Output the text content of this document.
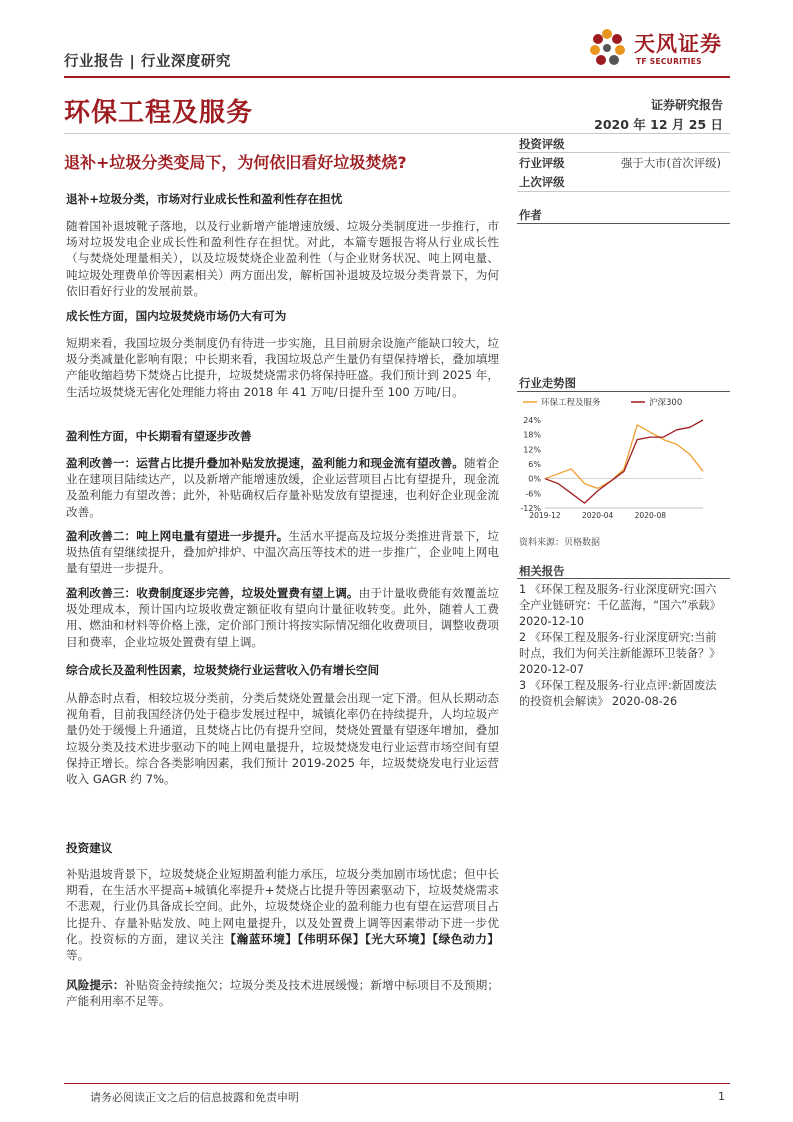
行业报告 | 行业深度研究
天风证券
TF SECURITIES
环保工程及服务	证券研究报告
2020 年 12 月 25 日
退补+垃圾分类变局下，为何依旧看好垃圾焚烧?
退补+垃圾分类，市场对行业成长性和盈利性存在担忧
随着国补退坡靴子落地，以及行业新增产能增速放缓、垃圾分类制度进一步推行，市场对垃圾发电企业成长性和盈利性存在担忧。对此，本篇专题报告将从行业成长性（与焚烧处理量相关），以及垃圾焚烧企业盈利性（与企业财务状况、吨上网电量、吨垃圾处理费单价等因素相关）两方面出发，解析国补退坡及垃圾分类背景下，为何依旧看好行业的发展前景。
成长性方面，国内垃圾焚烧市场仍大有可为
短期来看，我国垃圾分类制度仍有待进一步实施，且目前厨余设施产能缺口较大，垃圾分类减量化影响有限；中长期来看，我国垃圾总产生量仍有望保持增长，叠加填埋产能收缩趋势下焚烧占比提升，垃圾焚烧需求仍将保持旺盛。我们预计到 2025 年，生活垃圾焚烧无害化处理能力将由 2018 年 41 万吨/日提升至 100 万吨/日。
盈利性方面，中长期看有望逐步改善
盈利改善一：运营占比提升叠加补贴发放提速，盈利能力和现金流有望改善。随着企业在建项目陆续达产，以及新增产能增速放缓，企业运营项目占比有望提升，现金流及盈利能力有望改善；此外，补贴确权后存量补贴发放有望提速，也利好企业现金流改善。
盈利改善二：吨上网电量有望进一步提升。生活水平提高及垃圾分类推进背景下，垃圾热值有望继续提升，叠加炉排炉、中温次高压等技术的进一步推广，企业吨上网电量有望进一步提升。
盈利改善三：收费制度逐步完善，垃圾处置费有望上调。由于计量收费能有效覆盖垃圾处理成本，预计国内垃圾收费定额征收有望向计量征收转变。此外，随着人工费用、燃油和材料等价格上涨，定价部门预计将按实际情况细化收费项目，调整收费项目和费率，企业垃圾处置费有望上调。
综合成长及盈利性因素，垃圾焚烧行业运营收入仍有增长空间
从静态时点看，相较垃圾分类前，分类后焚烧处置量会出现一定下滑。但从长期动态视角看，目前我国经济仍处于稳步发展过程中，城镇化率仍在持续提升，人均垃圾产量仍处于缓慢上升通道，且焚烧占比仍有提升空间，焚烧处置量有望逐年增加，叠加垃圾分类及技术进步驱动下的吨上网电量提升，垃圾焚烧发电行业运营市场空间有望保持正增长。综合各类影响因素，我们预计 2019-2025 年，垃圾焚烧发电行业运营收入 GAGR 约 7%。
投资建议
补贴退坡背景下，垃圾焚烧企业短期盈利能力承压，垃圾分类加剧市场忧虑；但中长期看，在生活水平提高+城镇化率提升+焚烧占比提升等因素驱动下，垃圾焚烧需求不悲观，行业仍具备成长空间。此外，垃圾焚烧企业的盈利能力也有望在运营项目占比提升、存量补贴发放、吨上网电量提升，以及处置费上调等因素带动下进一步优化。投资标的方面，建议关注【瀚蓝环境】【伟明环保】【光大环境】【绿色动力】等。
风险提示：补贴资金持续拖欠；垃圾分类及技术进展缓慢；新增中标项目不及预期；产能利用率不足等。
投资评级
行业评级	强于大市(首次评级)
上次评级
作者
行业走势图
环保工程及服务	沪深300
24%
18%
12%
6%
0%
-6%
-12%
2019-12	2020-04	2020-08
资料来源：贝格数据
相关报告
1 《环保工程及服务-行业深度研究:国六全产业链研究：千亿蓝海，“国六”承载》 2020-12-10
2 《环保工程及服务-行业深度研究:当前时点，我们为何关注新能源环卫装备？》 2020-12-07
3 《环保工程及服务-行业点评:新固废法的投资机会解读》 2020-08-26
请务必阅读正文之后的信息披露和免责申明	1
